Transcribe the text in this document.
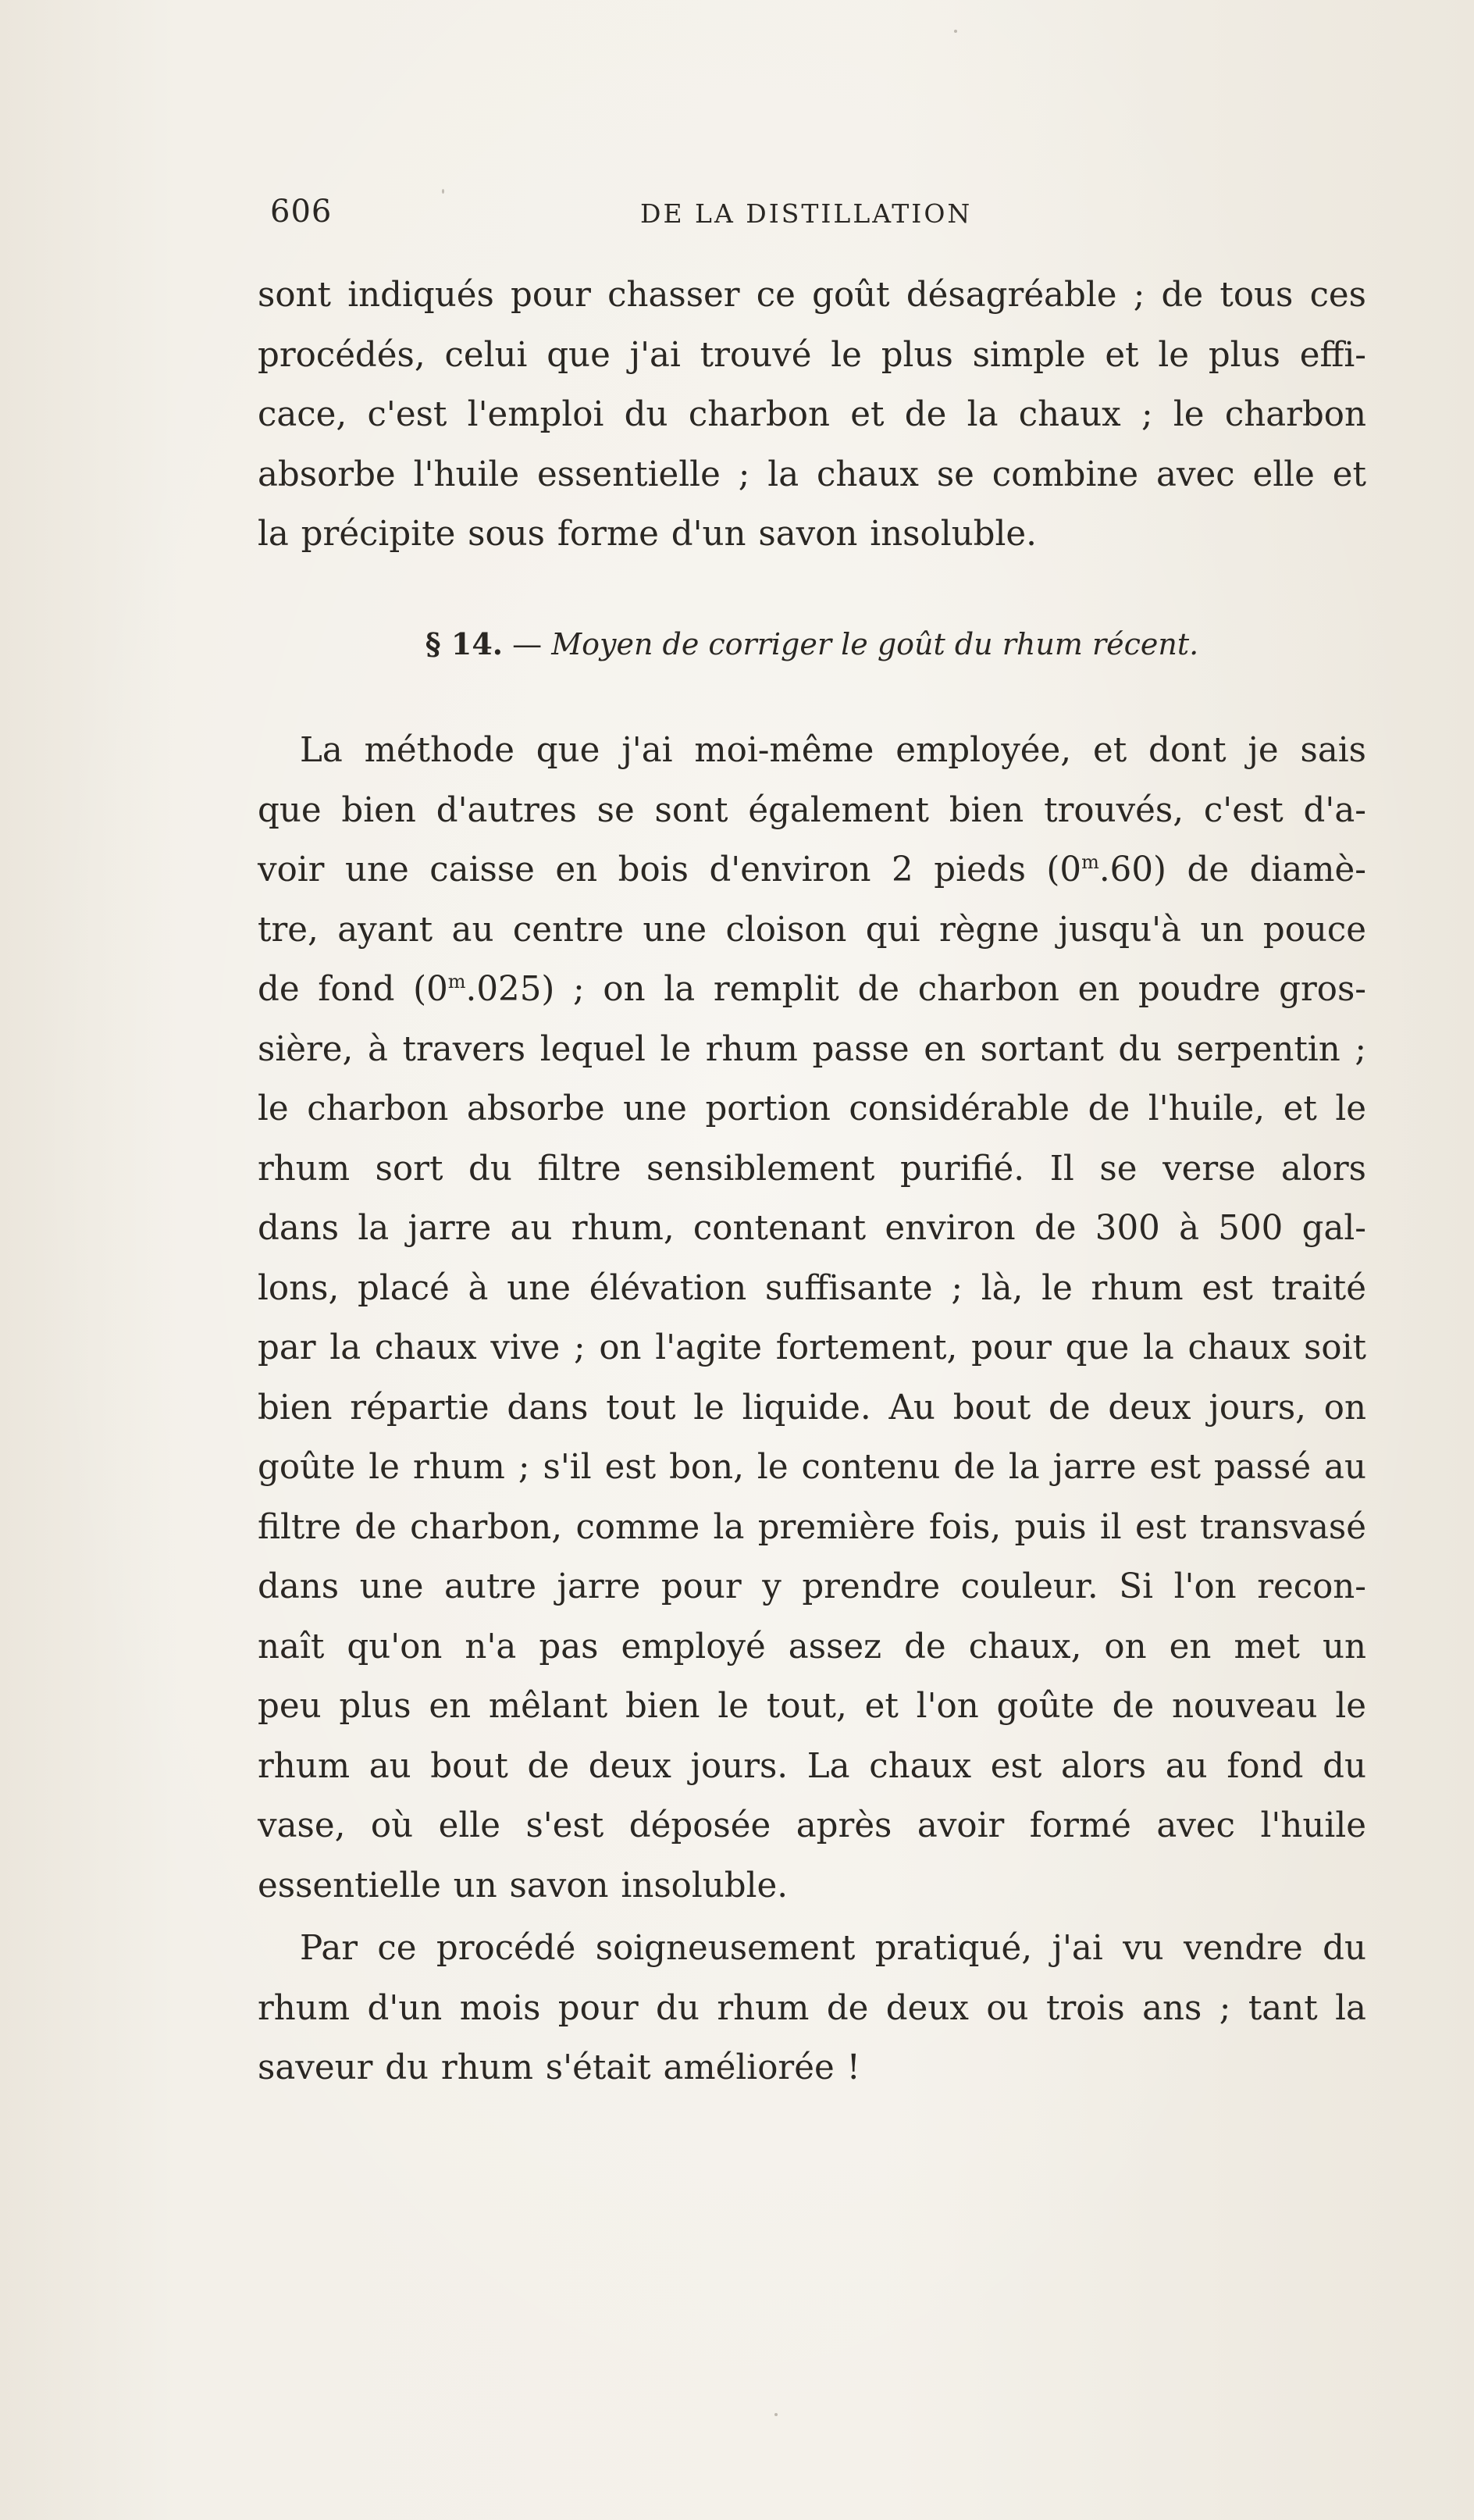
606	DE LA DISTILLATION
sont indiqués pour chasser ce goût désagréable ; de tous ces
procédés, celui que j'ai trouvé le plus simple et le plus effi-
cace, c'est l'emploi du charbon et de la chaux ; le charbon
absorbe l'huile essentielle ; la chaux se combine avec elle et
la précipite sous forme d'un savon insoluble.
§ 14. — Moyen de corriger le goût du rhum récent.
La méthode que j'ai moi-même employée, et dont je sais
que bien d'autres se sont également bien trouvés, c'est d'a-
voir une caisse en bois d'environ 2 pieds (0$^m$.60) de diamè-
tre, ayant au centre une cloison qui règne jusqu'à un pouce
de fond (0$^m$.025) ; on la remplit de charbon en poudre gros-
sière, à travers lequel le rhum passe en sortant du serpentin ;
le charbon absorbe une portion considérable de l'huile, et le
rhum sort du filtre sensiblement purifié. Il se verse alors
dans la jarre au rhum, contenant environ de 300 à 500 gal-
lons, placé à une élévation suffisante ; là, le rhum est traité
par la chaux vive ; on l'agite fortement, pour que la chaux soit
bien répartie dans tout le liquide. Au bout de deux jours, on
goûte le rhum ; s'il est bon, le contenu de la jarre est passé au
filtre de charbon, comme la première fois, puis il est transvasé
dans une autre jarre pour y prendre couleur. Si l'on recon-
naît qu'on n'a pas employé assez de chaux, on en met un
peu plus en mêlant bien le tout, et l'on goûte de nouveau le
rhum au bout de deux jours. La chaux est alors au fond du
vase, où elle s'est déposée après avoir formé avec l'huile
essentielle un savon insoluble.
Par ce procédé soigneusement pratiqué, j'ai vu vendre du
rhum d'un mois pour du rhum de deux ou trois ans ; tant la
saveur du rhum s'était améliorée !
